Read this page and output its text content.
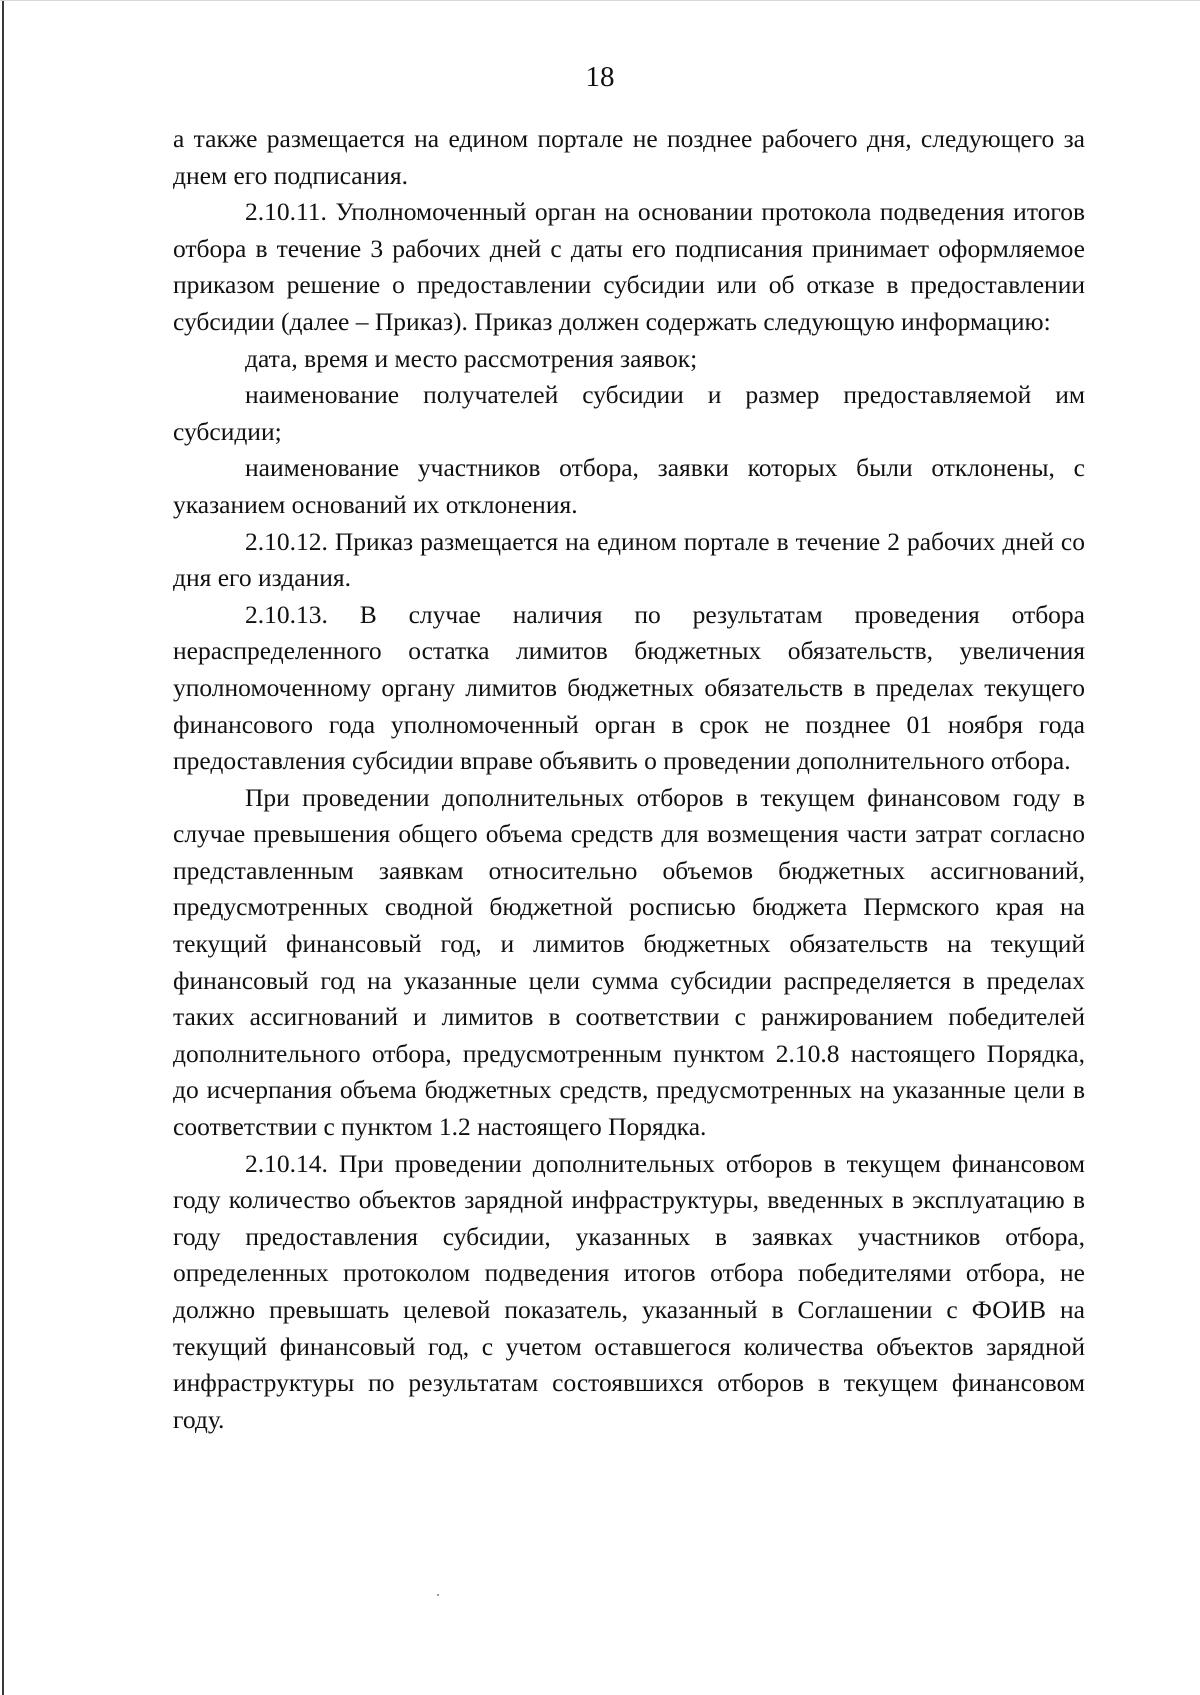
18

а также размещается на едином портале не позднее рабочего дня, следующего за днем его подписания.

2.10.11. Уполномоченный орган на основании протокола подведения итогов отбора в течение 3 рабочих дней с даты его подписания принимает оформляемое приказом решение о предоставлении субсидии или об отказе в предоставлении субсидии (далее – Приказ). Приказ должен содержать следующую информацию:

дата, время и место рассмотрения заявок;

наименование получателей субсидии и размер предоставляемой им субсидии;

наименование участников отбора, заявки которых были отклонены, с указанием оснований их отклонения.

2.10.12. Приказ размещается на едином портале в течение 2 рабочих дней со дня его издания.

2.10.13. В случае наличия по результатам проведения отбора нераспределенного остатка лимитов бюджетных обязательств, увеличения уполномоченному органу лимитов бюджетных обязательств в пределах текущего финансового года уполномоченный орган в срок не позднее 01 ноября года предоставления субсидии вправе объявить о проведении дополнительного отбора.

При проведении дополнительных отборов в текущем финансовом году в случае превышения общего объема средств для возмещения части затрат согласно представленным заявкам относительно объемов бюджетных ассигнований, предусмотренных сводной бюджетной росписью бюджета Пермского края на текущий финансовый год, и лимитов бюджетных обязательств на текущий финансовый год на указанные цели сумма субсидии распределяется в пределах таких ассигнований и лимитов в соответствии с ранжированием победителей дополнительного отбора, предусмотренным пунктом 2.10.8 настоящего Порядка, до исчерпания объема бюджетных средств, предусмотренных на указанные цели в соответствии с пунктом 1.2 настоящего Порядка.

2.10.14. При проведении дополнительных отборов в текущем финансовом году количество объектов зарядной инфраструктуры, введенных в эксплуатацию в году предоставления субсидии, указанных в заявках участников отбора, определенных протоколом подведения итогов отбора победителями отбора, не должно превышать целевой показатель, указанный в Соглашении с ФОИВ на текущий финансовый год, с учетом оставшегося количества объектов зарядной инфраструктуры по результатам состоявшихся отборов в текущем финансовом году.
